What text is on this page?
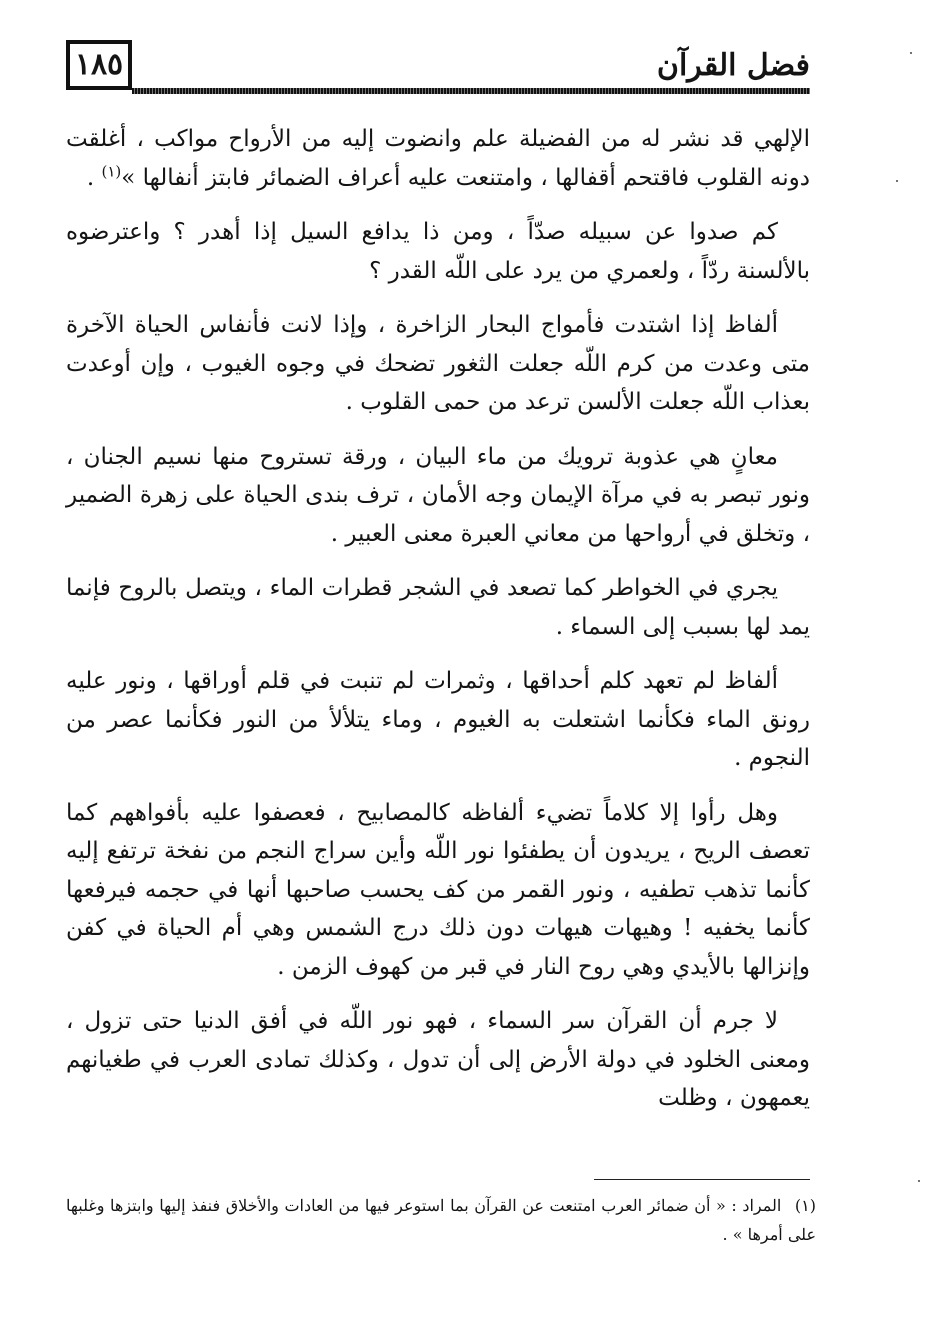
١٨٥	فضل القرآن

الإلهي قد نشر له من الفضيلة علم وانضوت إليه من الأرواح مواكب ، أغلقت دونه القلوب فاقتحم أقفالها ، وامتنعت عليه أعراف الضمائر فابتز أنفالها »$^{(١)}$ .

كم صدوا عن سبيله صدّاً ، ومن ذا يدافع السيل إذا أهدر ؟ واعترضوه بالألسنة ردّاً ، ولعمري من يرد على اللّه القدر ؟

ألفاظ إذا اشتدت فأمواج البحار الزاخرة ، وإذا لانت فأنفاس الحياة الآخرة متى وعدت من كرم اللّه جعلت الثغور تضحك في وجوه الغيوب ، وإن أوعدت بعذاب اللّه جعلت الألسن ترعد من حمى القلوب .

معانٍ هي عذوبة ترويك من ماء البيان ، ورقة تستروح منها نسيم الجنان ، ونور تبصر به في مرآة الإيمان وجه الأمان ، ترف بندى الحياة على زهرة الضمير ، وتخلق في أرواحها من معاني العبرة معنى العبير .

يجري في الخواطر كما تصعد في الشجر قطرات الماء ، ويتصل بالروح فإنما يمد لها بسبب إلى السماء .

ألفاظ لم تعهد كلم أحداقها ، وثمرات لم تنبت في قلم أوراقها ، ونور عليه رونق الماء فكأنما اشتعلت به الغيوم ، وماء يتلألأ من النور فكأنما عصر من النجوم .

وهل رأوا إلا كلاماً تضيء ألفاظه كالمصابيح ، فعصفوا عليه بأفواههم كما تعصف الريح ، يريدون أن يطفئوا نور اللّه وأين سراج النجم من نفخة ترتفع إليه كأنما تذهب تطفيه ، ونور القمر من كف يحسب صاحبها أنها في حجمه فيرفعها كأنما يخفيه ! وهيهات هيهات دون ذلك درج الشمس وهي أم الحياة في كفن وإنزالها بالأيدي وهي روح النار في قبر من كهوف الزمن .

لا جرم أن القرآن سر السماء ، فهو نور اللّه في أفق الدنيا حتى تزول ، ومعنى الخلود في دولة الأرض إلى أن تدول ، وكذلك تمادى العرب في طغيانهم يعمهون ، وظلت

(١) المراد : « أن ضمائر العرب امتنعت عن القرآن بما استوعر فيها من العادات والأخلاق فنفذ إليها وابتزها وغلبها على أمرها » .
